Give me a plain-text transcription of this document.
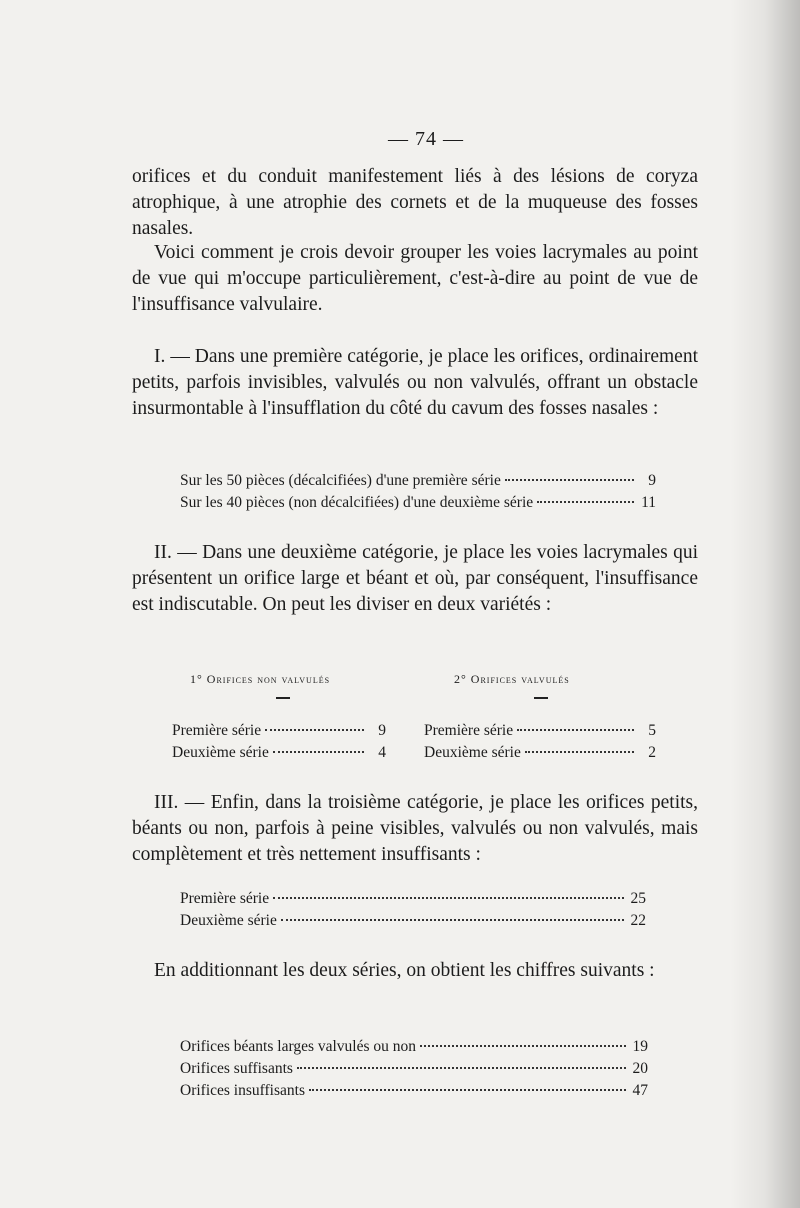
— 74 —

orifices et du conduit manifestement liés à des lésions de coryza atrophique, à une atrophie des cornets et de la muqueuse des fosses nasales.

Voici comment je crois devoir grouper les voies lacrymales au point de vue qui m'occupe particulièrement, c'est-à-dire au point de vue de l'insuffisance valvulaire.

I. — Dans une première catégorie, je place les orifices, ordinairement petits, parfois invisibles, valvulés ou non valvulés, offrant un obstacle insurmontable à l'insufflation du côté du cavum des fosses nasales :

Sur les 50 pièces (décalcifiées) d'une première série	9
Sur les 40 pièces (non décalcifiées) d'une deuxième série	11

II. — Dans une deuxième catégorie, je place les voies lacrymales qui présentent un orifice large et béant et où, par conséquent, l'insuffisance est indiscutable. On peut les diviser en deux variétés :

1° Orifices non valvulés	2° Orifices valvulés
Première série	9
Deuxième série	4
Première série	5
Deuxième série	2

III. — Enfin, dans la troisième catégorie, je place les orifices petits, béants ou non, parfois à peine visibles, valvulés ou non valvulés, mais complètement et très nettement insuffisants :

Première série	25
Deuxième série	22

En additionnant les deux séries, on obtient les chiffres suivants :

Orifices béants larges valvulés ou non	19
Orifices suffisants	20
Orifices insuffisants	47
